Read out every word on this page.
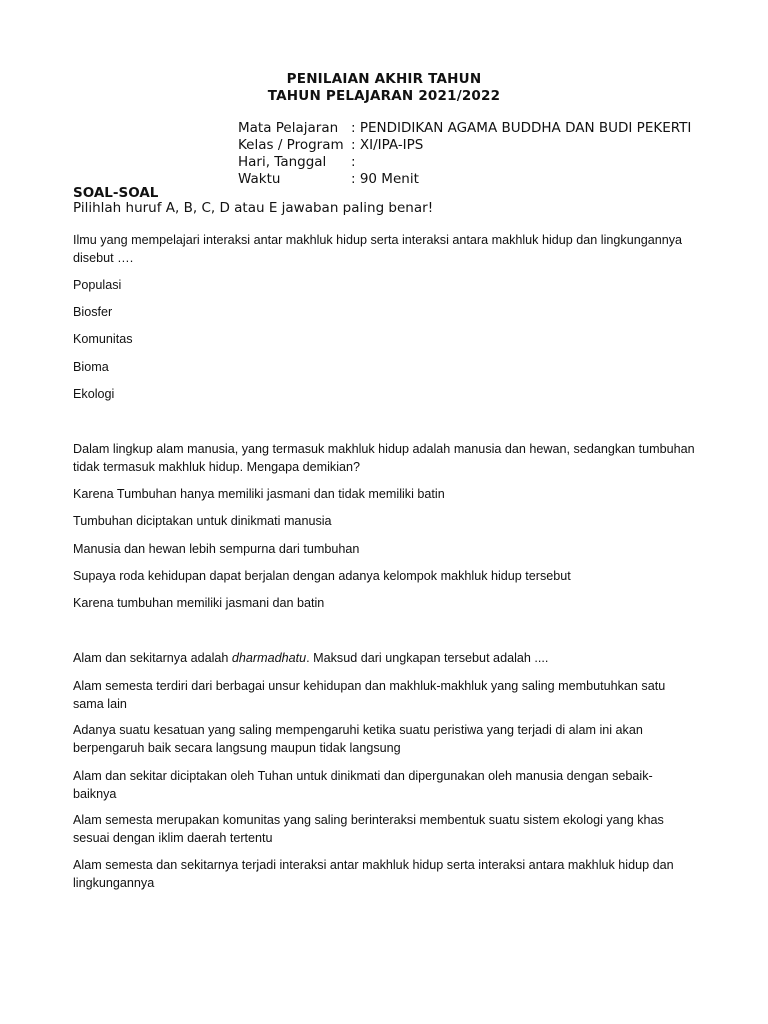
PENILAIAN AKHIR TAHUN
TAHUN PELAJARAN 2021/2022
Mata Pelajaran : PENDIDIKAN AGAMA BUDDHA DAN BUDI PEKERTI
Kelas / Program : XI/IPA-IPS
Hari, Tanggal :
Waktu	: 90 Menit
SOAL-SOAL
Pilihlah huruf A, B, C, D atau E jawaban paling benar!
Ilmu yang mempelajari interaksi antar makhluk hidup serta interaksi antara makhluk hidup dan lingkungannya disebut ….
Populasi
Biosfer
Komunitas
Bioma
Ekologi
Dalam lingkup alam manusia, yang termasuk makhluk hidup adalah manusia dan hewan, sedangkan tumbuhan tidak termasuk makhluk hidup. Mengapa demikian?
Karena Tumbuhan hanya memiliki jasmani dan tidak memiliki batin
Tumbuhan diciptakan untuk dinikmati manusia
Manusia dan hewan lebih sempurna dari tumbuhan
Supaya roda kehidupan dapat berjalan dengan adanya kelompok makhluk hidup tersebut
Karena tumbuhan memiliki jasmani dan batin
Alam dan sekitarnya adalah dharmadhatu. Maksud dari ungkapan tersebut adalah ....
Alam semesta terdiri dari berbagai unsur kehidupan dan makhluk-makhluk yang saling membutuhkan satu sama lain
Adanya suatu kesatuan yang saling mempengaruhi ketika suatu peristiwa yang terjadi di alam ini akan berpengaruh baik secara langsung maupun tidak langsung
Alam dan sekitar diciptakan oleh Tuhan untuk dinikmati dan dipergunakan oleh manusia dengan sebaik-baiknya
Alam semesta merupakan komunitas yang saling berinteraksi membentuk suatu sistem ekologi yang khas sesuai dengan iklim daerah tertentu
Alam semesta dan sekitarnya terjadi interaksi antar makhluk hidup serta interaksi antara makhluk hidup dan lingkungannya
